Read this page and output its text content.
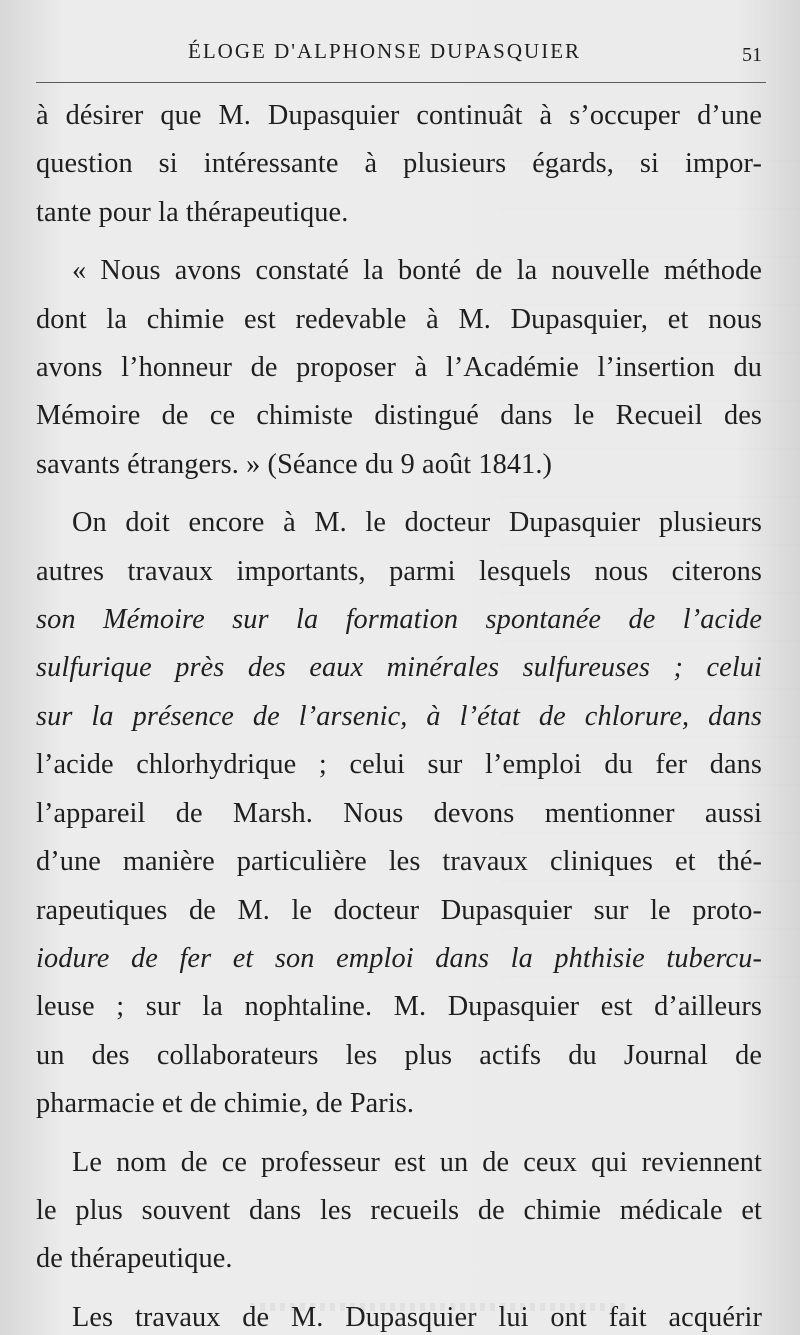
ÉLOGE D'ALPHONSE DUPASQUIER	51
à désirer que M. Dupasquier continuât à s’occuper d’une
question si intéressante à plusieurs égards, si impor-
tante pour la thérapeutique.
« Nous avons constaté la bonté de la nouvelle méthode
dont la chimie est redevable à M. Dupasquier, et nous
avons l’honneur de proposer à l’Académie l’insertion du
Mémoire de ce chimiste distingué dans le Recueil des
savants étrangers. » (Séance du 9 août 1841.)
On doit encore à M. le docteur Dupasquier plusieurs
autres travaux importants, parmi lesquels nous citerons
son Mémoire sur la formation spontanée de l’acide
sulfurique près des eaux minérales sulfureuses ; celui
sur la présence de l’arsenic, à l’état de chlorure, dans
l’acide chlorhydrique ; celui sur l’emploi du fer dans
l’appareil de Marsh. Nous devons mentionner aussi
d’une manière particulière les travaux cliniques et thé-
rapeutiques de M. le docteur Dupasquier sur le proto-
iodure de fer et son emploi dans la phthisie tubercu-
leuse ; sur la nophtaline. M. Dupasquier est d’ailleurs
un des collaborateurs les plus actifs du Journal de
pharmacie et de chimie, de Paris.
Le nom de ce professeur est un de ceux qui reviennent
le plus souvent dans les recueils de chimie médicale et
de thérapeutique.
Les travaux de M. Dupasquier lui ont fait acquérir
